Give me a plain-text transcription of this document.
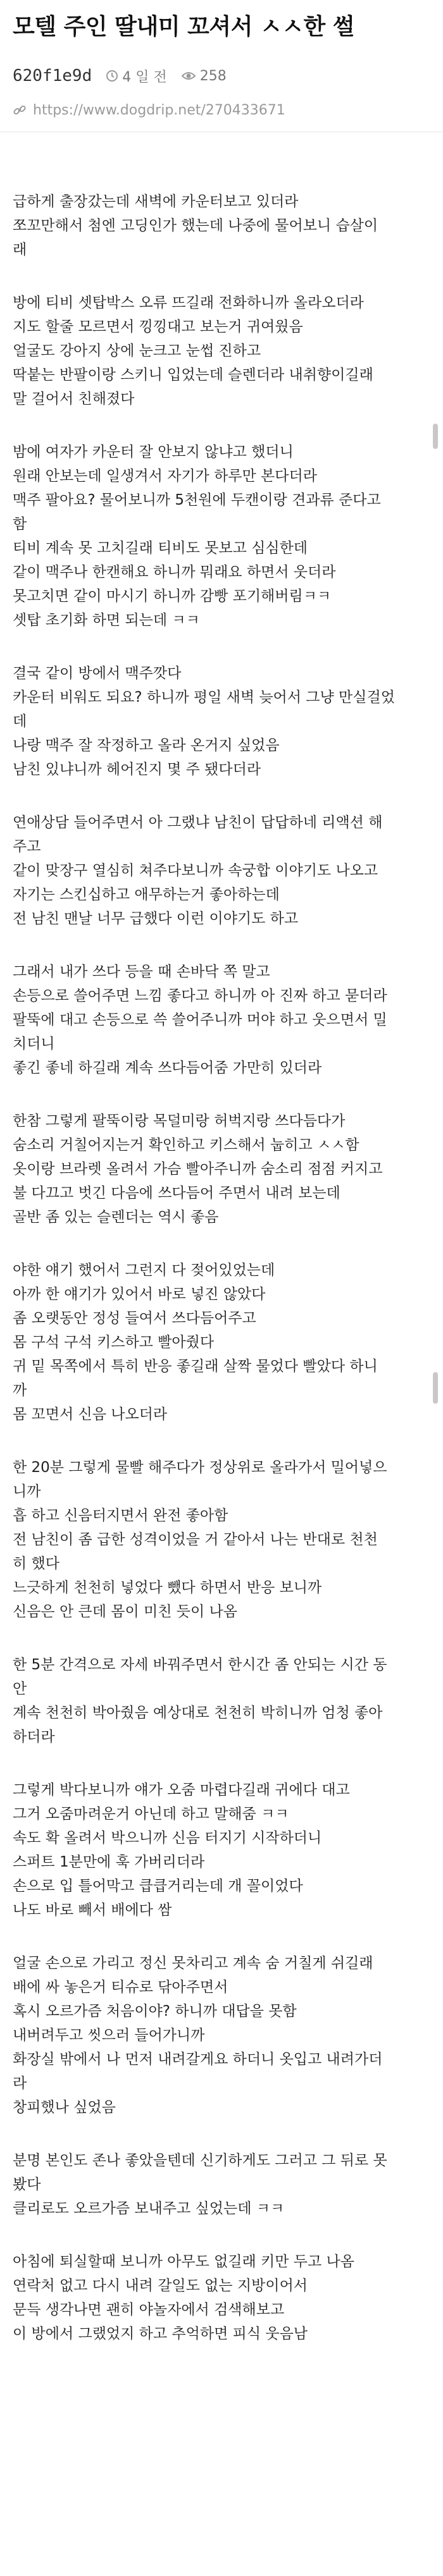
모텔 주인 딸내미 꼬셔서 ㅅㅅ한 썰
620f1e9d 4 일 전 258
https://www.dogdrip.net/270433671
급하게 출장갔는데 새벽에 카운터보고 있더라
쪼꼬만해서 첨엔 고딩인가 했는데 나중에 물어보니 습살이
래
방에 티비 셋탑박스 오류 뜨길래 전화하니까 올라오더라
지도 할줄 모르면서 낑낑대고 보는거 귀여웠음
얼굴도 강아지 상에 눈크고 눈썹 진하고
딱붙는 반팔이랑 스키니 입었는데 슬렌더라 내취향이길래
말 걸어서 친해졌다
밤에 여자가 카운터 잘 안보지 않냐고 했더니
원래 안보는데 일생겨서 자기가 하루만 본다더라
맥주 팔아요? 물어보니까 5천원에 두캔이랑 견과류 준다고
함
티비 계속 못 고치길래 티비도 못보고 심심한데
같이 맥주나 한캔해요 하니까 뭐래요 하면서 웃더라
못고치면 같이 마시기 하니까 감빵 포기해버림ㅋㅋ
셋탑 초기화 하면 되는데 ㅋㅋ
결국 같이 방에서 맥주깟다
카운터 비워도 되요? 하니까 평일 새벽 늦어서 그냥 만실걸었
데
나랑 맥주 잘 작정하고 올라 온거지 싶었음
남친 있냐니까 헤어진지 몇 주 됐다더라
연애상담 들어주면서 아 그랬냐 남친이 답답하네 리액션 해
주고
같이 맞장구 열심히 쳐주다보니까 속궁합 이야기도 나오고
자기는 스킨십하고 애무하는거 좋아하는데
전 남친 맨날 너무 급했다 이런 이야기도 하고
그래서 내가 쓰다 등을 때 손바닥 쪽 말고
손등으로 쓸어주면 느낌 좋다고 하니까 아 진짜 하고 묻더라
팔뚝에 대고 손등으로 쓱 쓸어주니까 머야 하고 웃으면서 밀
치더니
좋긴 좋네 하길래 계속 쓰다듬어줌 가만히 있더라
한참 그렇게 팔뚝이랑 목덜미랑 허벅지랑 쓰다듬다가
숨소리 거칠어지는거 확인하고 키스해서 눕히고 ㅅㅅ함
옷이랑 브라렛 올려서 가슴 빨아주니까 숨소리 점점 커지고
불 다끄고 벗긴 다음에 쓰다듬어 주면서 내려 보는데
골반 좀 있는 슬렌더는 역시 좋음
야한 얘기 했어서 그런지 다 젖어있었는데
아까 한 얘기가 있어서 바로 넣진 않았다
좀 오랫동안 정성 들여서 쓰다듬어주고
몸 구석 구석 키스하고 빨아줬다
귀 밑 목쪽에서 특히 반응 좋길래 살짝 물었다 빨았다 하니
까
몸 꼬면서 신음 나오더라
한 20분 그렇게 물빨 해주다가 정상위로 올라가서 밀어넣으
니까
흡 하고 신음터지면서 완전 좋아함
전 남친이 좀 급한 성격이었을 거 같아서 나는 반대로 천천
히 했다
느긋하게 천천히 넣었다 뺐다 하면서 반응 보니까
신음은 안 큰데 몸이 미친 듯이 나옴
한 5분 간격으로 자세 바꿔주면서 한시간 좀 안되는 시간 동
안
계속 천천히 박아줬음 예상대로 천천히 박히니까 엄청 좋아
하더라
그렇게 박다보니까 얘가 오줌 마렵다길래 귀에다 대고
그거 오줌마려운거 아닌데 하고 말해줌 ㅋㅋ
속도 확 올려서 박으니까 신음 터지기 시작하더니
스퍼트 1분만에 훅 가버리더라
손으로 입 틀어막고 큽큽거리는데 개 꼴이었다
나도 바로 빼서 배에다 쌈
얼굴 손으로 가리고 정신 못차리고 계속 숨 거칠게 쉬길래
배에 싸 놓은거 티슈로 닦아주면서
혹시 오르가즘 처음이야? 하니까 대답을 못함
내버려두고 씻으러 들어가니까
화장실 밖에서 나 먼저 내려갈게요 하더니 옷입고 내려가더
라
창피했나 싶었음
분명 본인도 존나 좋았을텐데 신기하게도 그러고 그 뒤로 못
봤다
클리로도 오르가즘 보내주고 싶었는데 ㅋㅋ
아침에 퇴실할때 보니까 아무도 없길래 키만 두고 나옴
연락처 없고 다시 내려 갈일도 없는 지방이어서
문득 생각나면 괜히 야놀자에서 검색해보고
이 방에서 그랬었지 하고 추억하면 피식 웃음남
